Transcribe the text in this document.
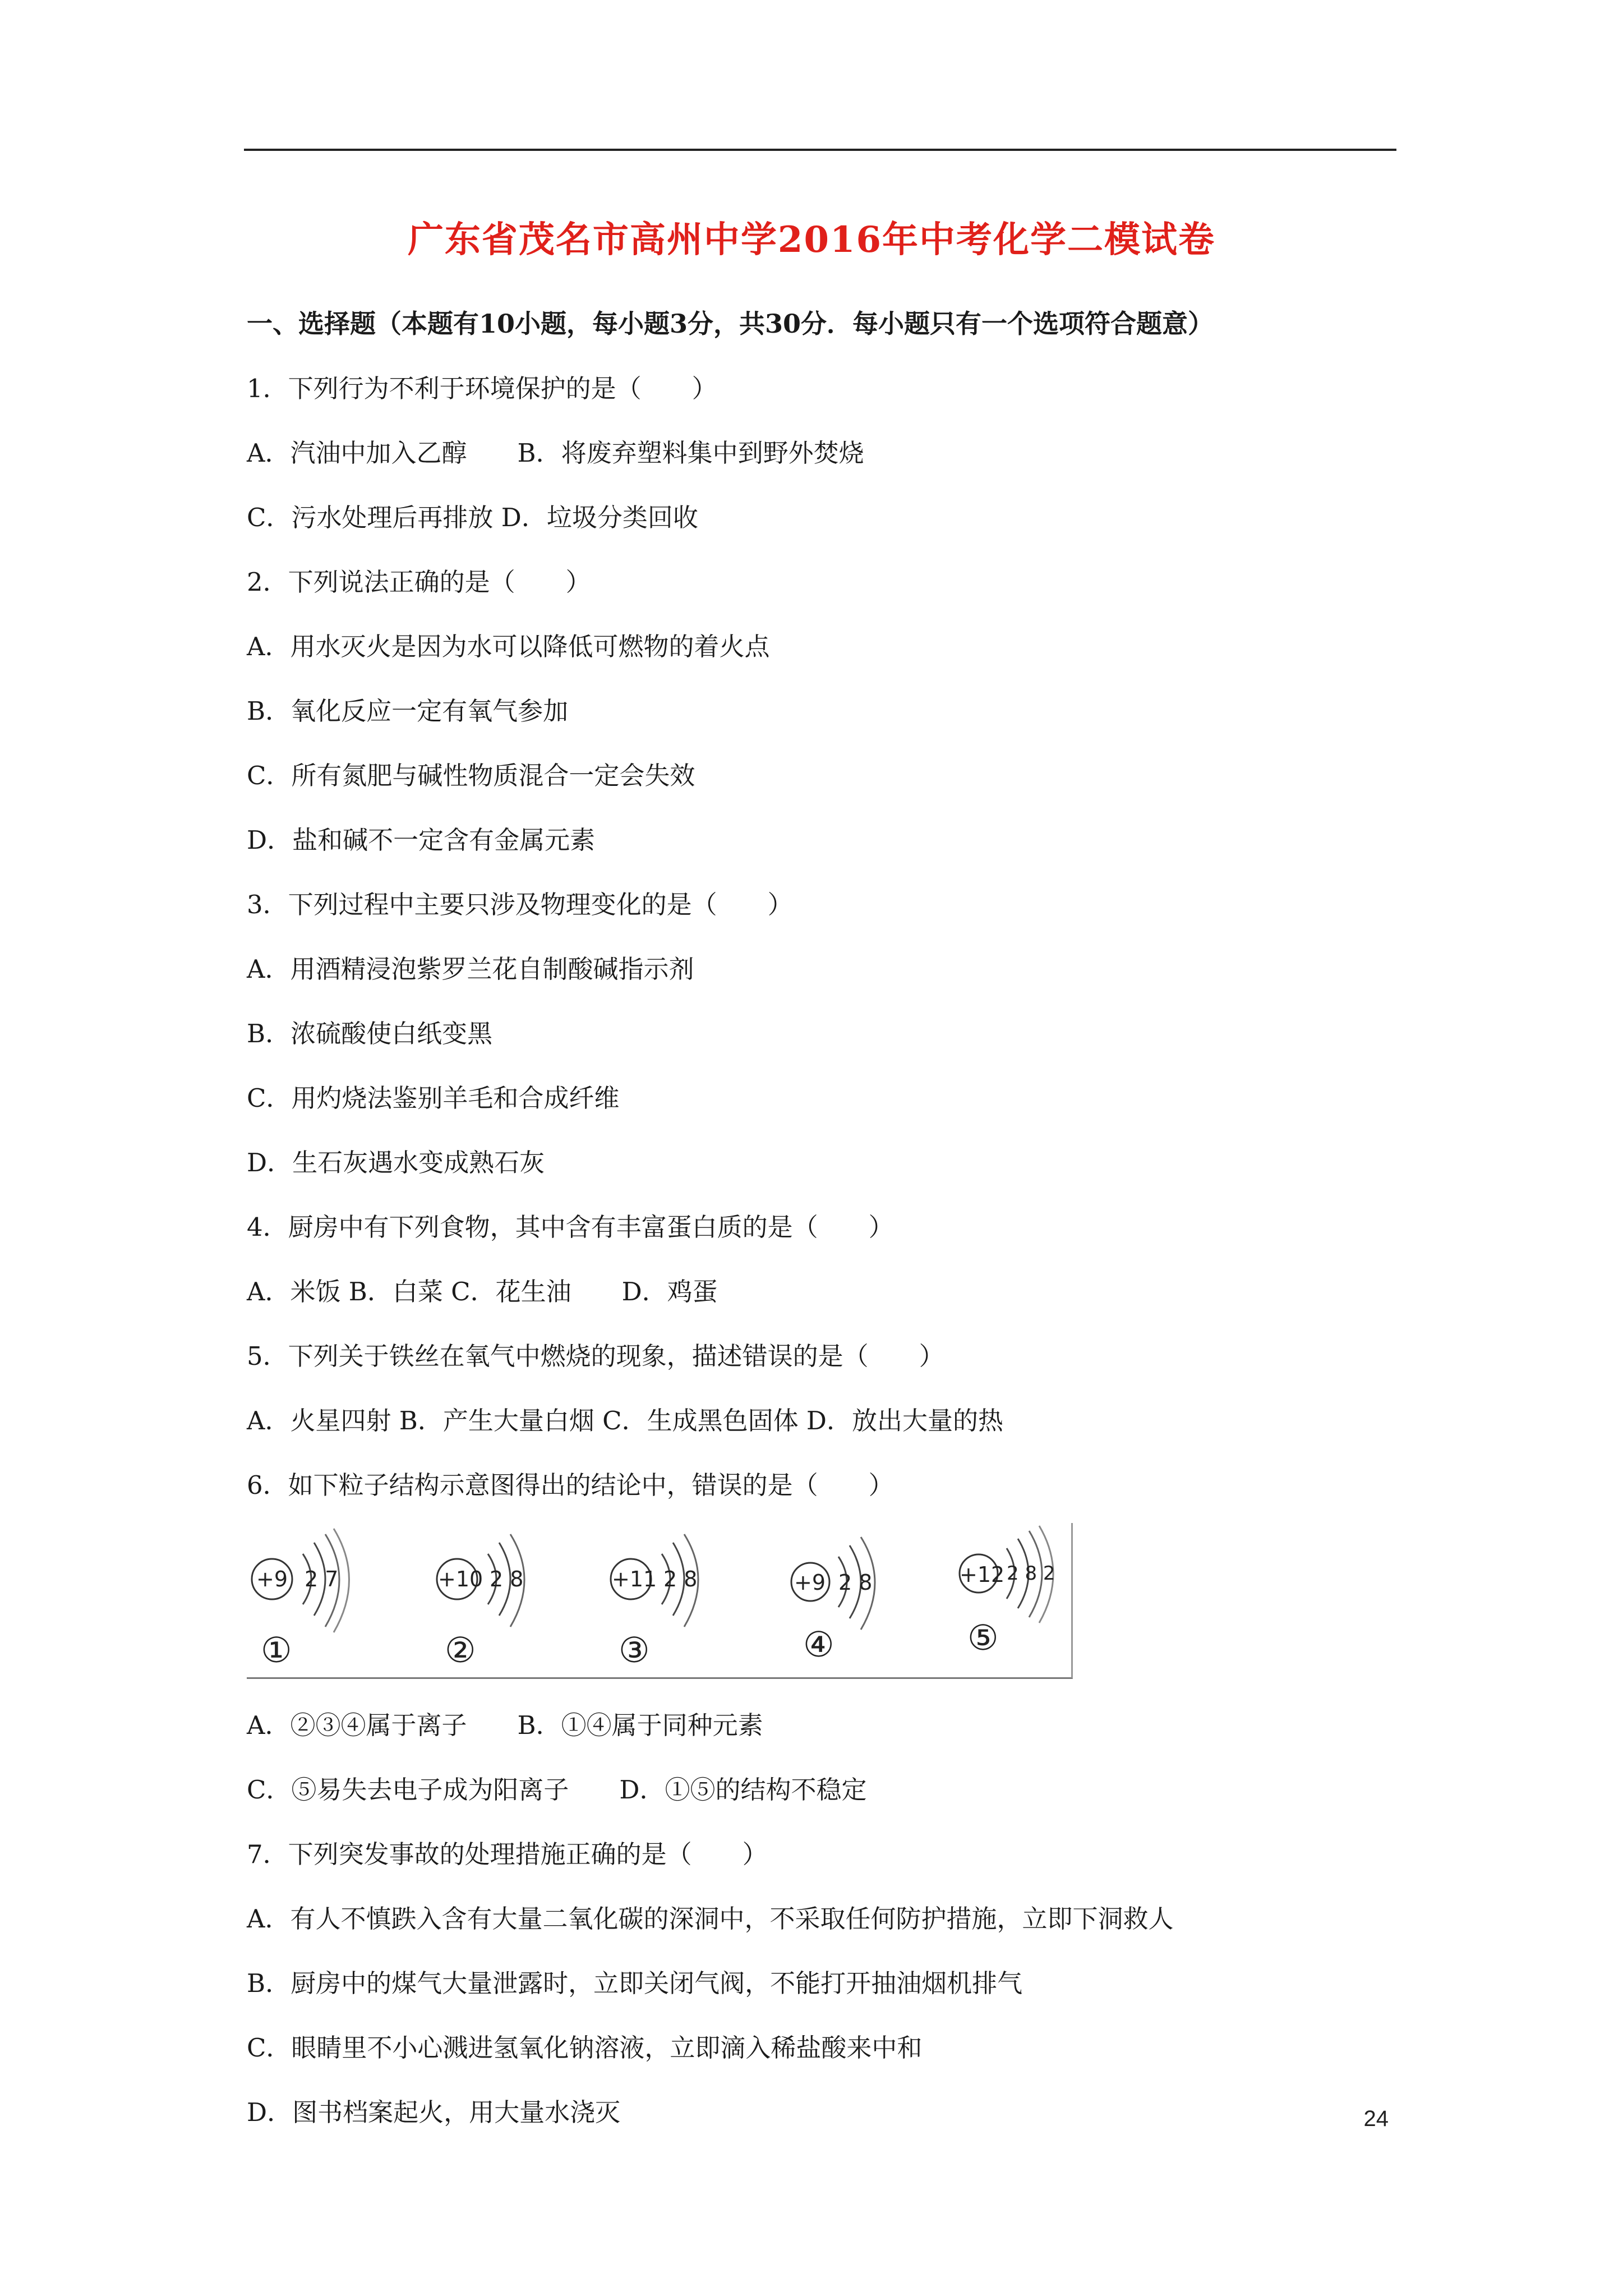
广东省茂名市高州中学2016年中考化学二模试卷
一、选择题（本题有10小题，每小题3分，共30分．每小题只有一个选项符合题意）
1．下列行为不利于环境保护的是（　　）
A．汽油中加入乙醇　　B．将废弃塑料集中到野外焚烧
C．污水处理后再排放 D．垃圾分类回收
2．下列说法正确的是（　　）
A．用水灭火是因为水可以降低可燃物的着火点
B．氧化反应一定有氧气参加
C．所有氮肥与碱性物质混合一定会失效
D．盐和碱不一定含有金属元素
3．下列过程中主要只涉及物理变化的是（　　）
A．用酒精浸泡紫罗兰花自制酸碱指示剂
B．浓硫酸使白纸变黑
C．用灼烧法鉴别羊毛和合成纤维
D．生石灰遇水变成熟石灰
4．厨房中有下列食物，其中含有丰富蛋白质的是（　　）
A．米饭 B．白菜 C．花生油　　D．鸡蛋
5．下列关于铁丝在氧气中燃烧的现象，描述错误的是（　　）
A．火星四射 B．产生大量白烟 C．生成黑色固体 D．放出大量的热
6．如下粒子结构示意图得出的结论中，错误的是（　　）
+9 2 7
①
+10 2 8
②
+11 2 8
③
+9 2 8
④
+12 2 8 2
⑤
A．②③④属于离子　　B．①④属于同种元素
C．⑤易失去电子成为阳离子　　D．①⑤的结构不稳定
7．下列突发事故的处理措施正确的是（　　）
A．有人不慎跌入含有大量二氧化碳的深洞中，不采取任何防护措施，立即下洞救人
B．厨房中的煤气大量泄露时，立即关闭气阀，不能打开抽油烟机排气
C．眼睛里不小心溅进氢氧化钠溶液，立即滴入稀盐酸来中和
D．图书档案起火，用大量水浇灭	24
